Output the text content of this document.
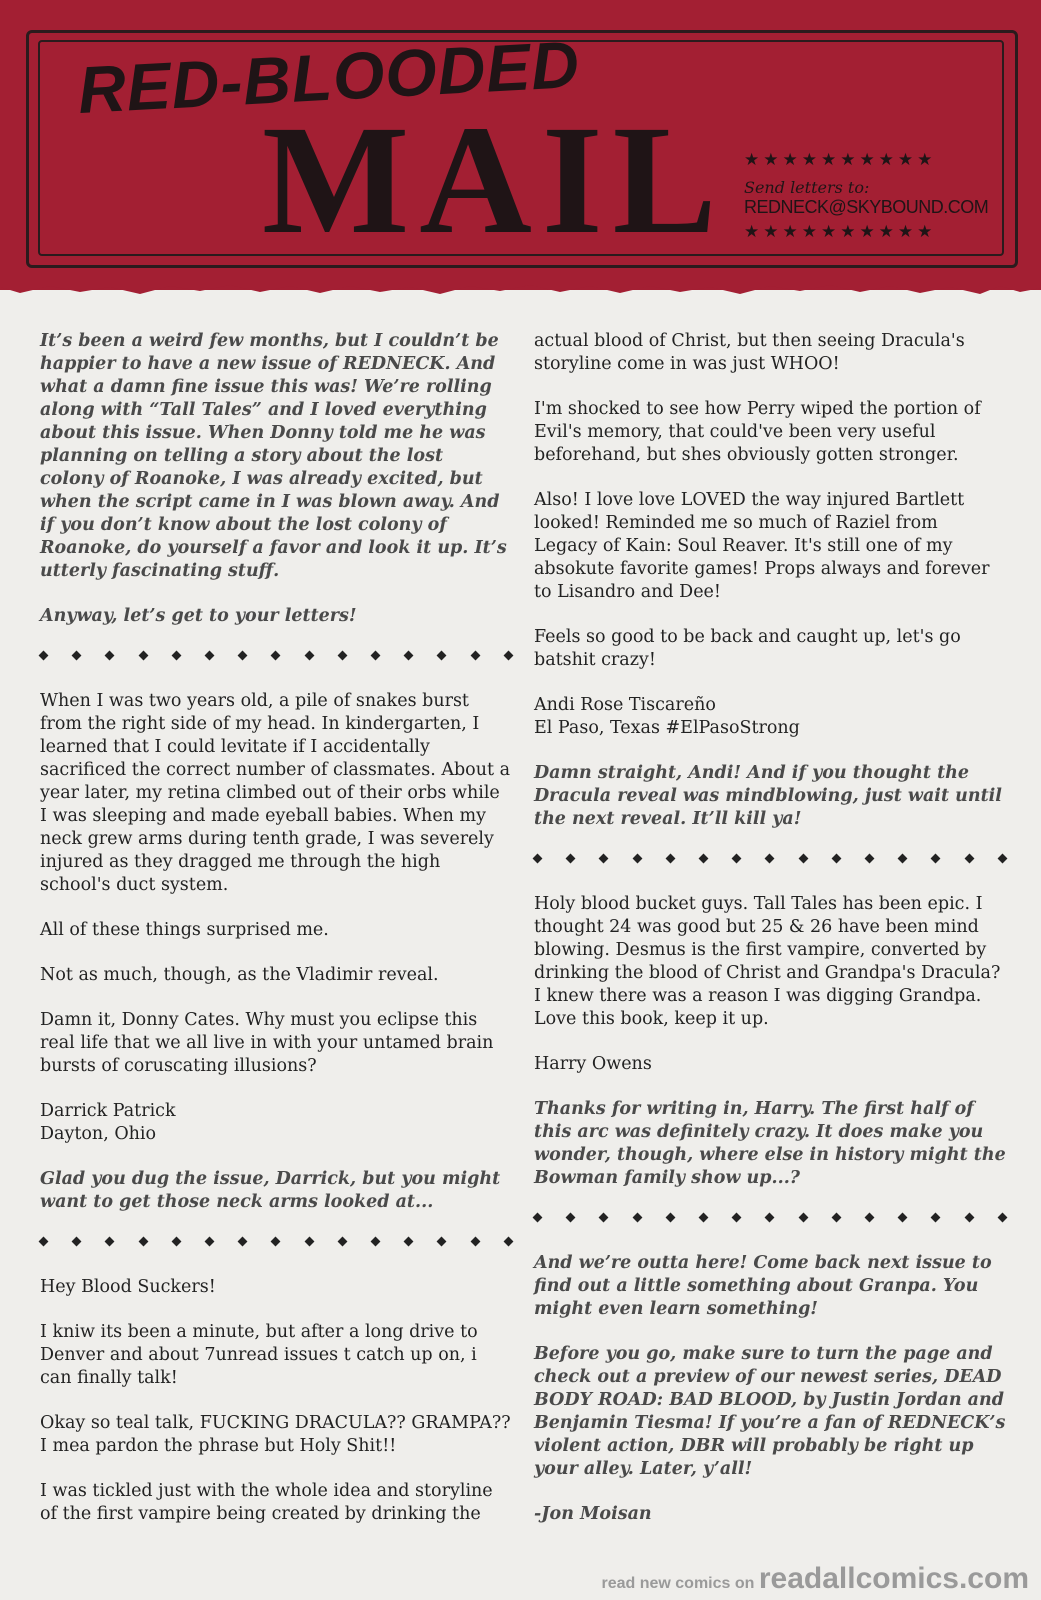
RED-BLOODED
MAIL ★★★★★★★★★★
Send letters to:
REDNECK@SKYBOUND.COM
★★★★★★★★★★

It’s been a weird few months, but I couldn’t be happier to have a new issue of REDNECK. And what a damn fine issue this was! We’re rolling along with “Tall Tales” and I loved everything about this issue. When Donny told me he was planning on telling a story about the lost colony of Roanoke, I was already excited, but when the script came in I was blown away. And if you don’t know about the lost colony of Roanoke, do yourself a favor and look it up. It’s utterly fascinating stuff.

Anyway, let’s get to your letters!

When I was two years old, a pile of snakes burst from the right side of my head. In kindergarten, I learned that I could levitate if I accidentally sacrificed the correct number of classmates. About a year later, my retina climbed out of their orbs while I was sleeping and made eyeball babies. When my neck grew arms during tenth grade, I was severely injured as they dragged me through the high school's duct system.

All of these things surprised me.

Not as much, though, as the Vladimir reveal.

Damn it, Donny Cates. Why must you eclipse this real life that we all live in with your untamed brain bursts of coruscating illusions?

Darrick Patrick
Dayton, Ohio

Glad you dug the issue, Darrick, but you might want to get those neck arms looked at...

Hey Blood Suckers!

I kniw its been a minute, but after a long drive to Denver and about 7unread issues t catch up on, i can finally talk!

Okay so teal talk, FUCKING DRACULA?? GRAMPA?? I mea pardon the phrase but Holy Shit!!

I was tickled just with the whole idea and storyline of the first vampire being created by drinking the

actual blood of Christ, but then seeing Dracula's storyline come in was just WHOO!

I'm shocked to see how Perry wiped the portion of Evil's memory, that could've been very useful beforehand, but shes obviously gotten stronger.

Also! I love love LOVED the way injured Bartlett looked! Reminded me so much of Raziel from Legacy of Kain: Soul Reaver. It's still one of my absokute favorite games! Props always and forever to Lisandro and Dee!

Feels so good to be back and caught up, let's go batshit crazy!

Andi Rose Tiscareño
El Paso, Texas #ElPasoStrong

Damn straight, Andi! And if you thought the Dracula reveal was mindblowing, just wait until the next reveal. It’ll kill ya!

Holy blood bucket guys. Tall Tales has been epic. I thought 24 was good but 25 & 26 have been mind blowing. Desmus is the first vampire, converted by drinking the blood of Christ and Grandpa's Dracula? I knew there was a reason I was digging Grandpa. Love this book, keep it up.

Harry Owens

Thanks for writing in, Harry. The first half of this arc was definitely crazy. It does make you wonder, though, where else in history might the Bowman family show up...?

And we’re outta here! Come back next issue to find out a little something about Granpa. You might even learn something!

Before you go, make sure to turn the page and check out a preview of our newest series, DEAD BODY ROAD: BAD BLOOD, by Justin Jordan and Benjamin Tiesma! If you’re a fan of REDNECK’s violent action, DBR will probably be right up your alley. Later, y’all!

-Jon Moisan

read new comics on readallcomics.com
